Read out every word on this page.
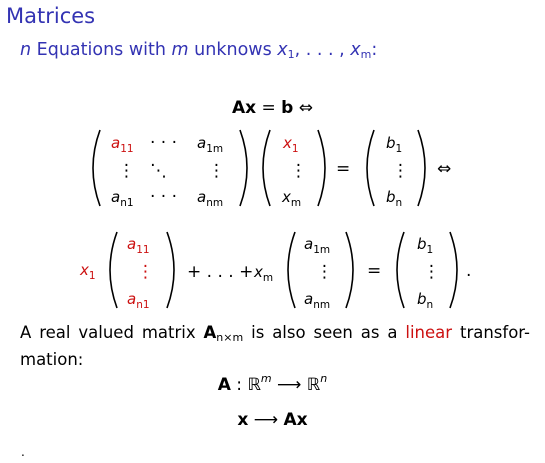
Matrices
n Equations with m unknows $x_1$, . . . , $x_m$:
Ax = b ⇔
$a_{11}$ · · · $a_{1m}$
⋮ ⋱ ⋮
$a_{n1}$ · · · $a_{nm}$
$x_1$
⋮
$x_m$
=
$b_1$
⋮
$b_n$
⇔
$x_1$
$a_{11}$
⋮
$a_{n1}$
+ . . . + $x_m$
$a_{1m}$
⋮
$a_{nm}$
=
$b_1$
⋮
$b_n$
.
A real valued matrix $A_{n\times m}$ is also seen as a linear transfor-mation:
A : ℝ$^m$ ⟶ ℝ$^n$
x ⟶ Ax
.
